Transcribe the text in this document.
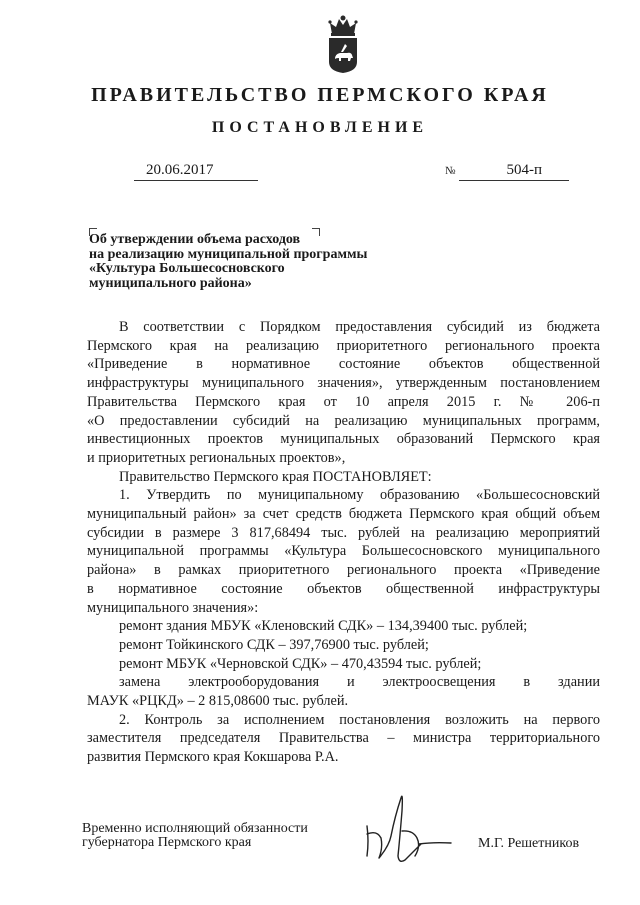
ПРАВИТЕЛЬСТВО ПЕРМСКОГО КРАЯ
ПОСТАНОВЛЕНИЕ
20.06.2017	№	504-п
Об утверждении объема расходов
на реализацию муниципальной программы
«Культура Большесосновского
муниципального района»

В соответствии с Порядком предоставления субсидий из бюджета

Пермского края на реализацию приоритетного регионального проекта

«Приведение в нормативное состояние объектов общественной

инфраструктуры муниципального значения», утвержденным постановлением

Правительства Пермского края от 10 апреля 2015 г. № 206-п

«О предоставлении субсидий на реализацию муниципальных программ,

инвестиционных проектов муниципальных образований Пермского края

и приоритетных региональных проектов»,

Правительство Пермского края ПОСТАНОВЛЯЕТ:

1. Утвердить по муниципальному образованию «Большесосновский

муниципальный район» за счет средств бюджета Пермского края общий объем

субсидии в размере 3 817,68494 тыс. рублей на реализацию мероприятий

муниципальной программы «Культура Большесосновского муниципального

района» в рамках приоритетного регионального проекта «Приведение

в нормативное состояние объектов общественной инфраструктуры

муниципального значения»:

ремонт здания МБУК «Кленовский СДК» – 134,39400 тыс. рублей;

ремонт Тойкинского СДК – 397,76900 тыс. рублей;

ремонт МБУК «Черновской СДК» – 470,43594 тыс. рублей;

замена электрооборудования и электроосвещения в здании

МАУК «РЦКД» – 2 815,08600 тыс. рублей.

2. Контроль за исполнением постановления возложить на первого

заместителя председателя Правительства – министра территориального

развития Пермского края Кокшарова Р.А.

Временно исполняющий обязанности
губернатора Пермского края	М.Г. Решетников
